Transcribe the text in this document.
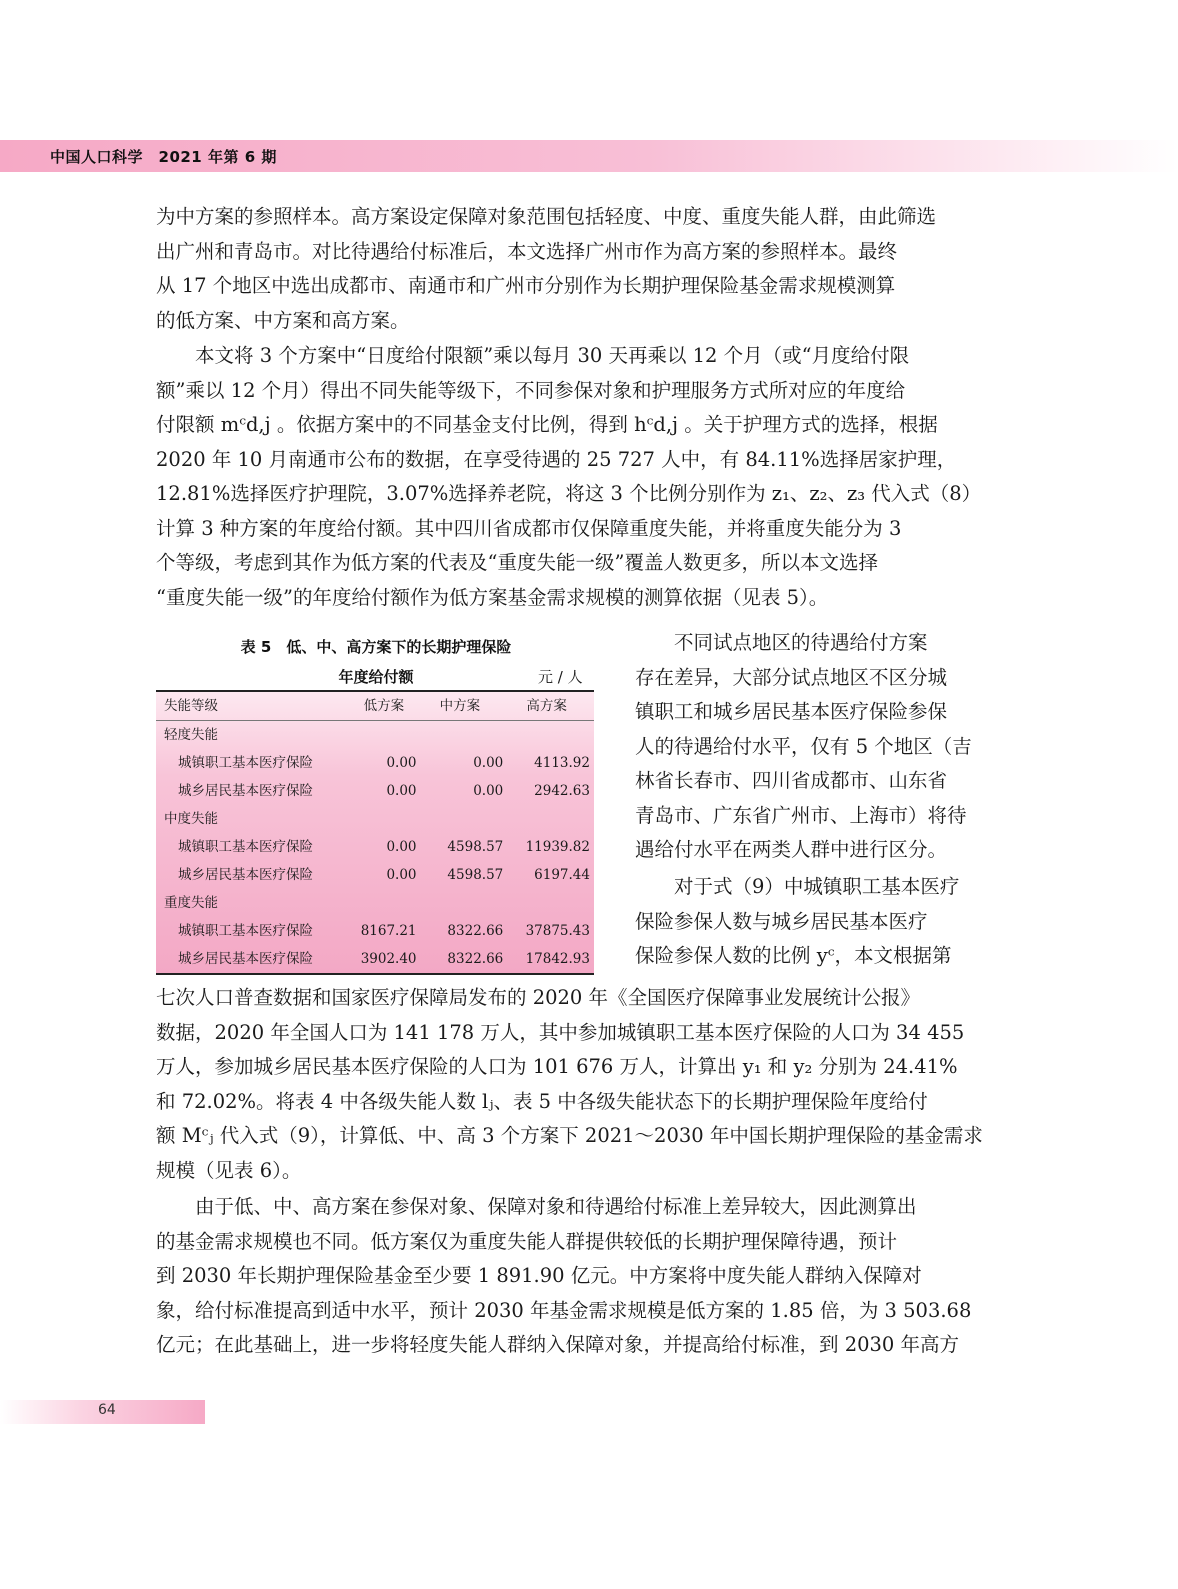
中国人口科学　2021 年第 6 期
为中方案的参照样本。高方案设定保障对象范围包括轻度、中度、重度失能人群，由此筛选
出广州和青岛市。对比待遇给付标准后，本文选择广州市作为高方案的参照样本。最终
从 17 个地区中选出成都市、南通市和广州市分别作为长期护理保险基金需求规模测算
的低方案、中方案和高方案。
本文将 3 个方案中“日度给付限额”乘以每月 30 天再乘以 12 个月（或“月度给付限
额”乘以 12 个月）得出不同失能等级下，不同参保对象和护理服务方式所对应的年度给
付限额 mᶜd,j 。依据方案中的不同基金支付比例，得到 hᶜd,j 。关于护理方式的选择，根据
2020 年 10 月南通市公布的数据，在享受待遇的 25 727 人中，有 84.11%选择居家护理，
12.81%选择医疗护理院，3.07%选择养老院，将这 3 个比例分别作为 z₁、z₂、z₃ 代入式（8）
计算 3 种方案的年度给付额。其中四川省成都市仅保障重度失能，并将重度失能分为 3
个等级，考虑到其作为低方案的代表及“重度失能一级”覆盖人数更多，所以本文选择
“重度失能一级”的年度给付额作为低方案基金需求规模的测算依据（见表 5）。
表 5　低、中、高方案下的长期护理保险
年度给付额	元 / 人
失能等级	低方案	中方案	高方案
轻度失能
城镇职工基本医疗保险	0.00	0.00	4113.92
城乡居民基本医疗保险	0.00	0.00	2942.63
中度失能
城镇职工基本医疗保险	0.00	4598.57	11939.82
城乡居民基本医疗保险	0.00	4598.57	6197.44
重度失能
城镇职工基本医疗保险	8167.21	8322.66	37875.43
城乡居民基本医疗保险	3902.40	8322.66	17842.93
不同试点地区的待遇给付方案
存在差异，大部分试点地区不区分城
镇职工和城乡居民基本医疗保险参保
人的待遇给付水平，仅有 5 个地区（吉
林省长春市、四川省成都市、山东省
青岛市、广东省广州市、上海市）将待
遇给付水平在两类人群中进行区分。
对于式（9）中城镇职工基本医疗
保险参保人数与城乡居民基本医疗
保险参保人数的比例 yᶜ，本文根据第
七次人口普查数据和国家医疗保障局发布的 2020 年《全国医疗保障事业发展统计公报》
数据，2020 年全国人口为 141 178 万人，其中参加城镇职工基本医疗保险的人口为 34 455
万人，参加城乡居民基本医疗保险的人口为 101 676 万人，计算出 y₁ 和 y₂ 分别为 24.41%
和 72.02%。将表 4 中各级失能人数 lⱼ、表 5 中各级失能状态下的长期护理保险年度给付
额 Mᶜⱼ 代入式（9），计算低、中、高 3 个方案下 2021～2030 年中国长期护理保险的基金需求
规模（见表 6）。
由于低、中、高方案在参保对象、保障对象和待遇给付标准上差异较大，因此测算出
的基金需求规模也不同。低方案仅为重度失能人群提供较低的长期护理保障待遇，预计
到 2030 年长期护理保险基金至少要 1 891.90 亿元。中方案将中度失能人群纳入保障对
象，给付标准提高到适中水平，预计 2030 年基金需求规模是低方案的 1.85 倍，为 3 503.68
亿元；在此基础上，进一步将轻度失能人群纳入保障对象，并提高给付标准，到 2030 年高方
64
